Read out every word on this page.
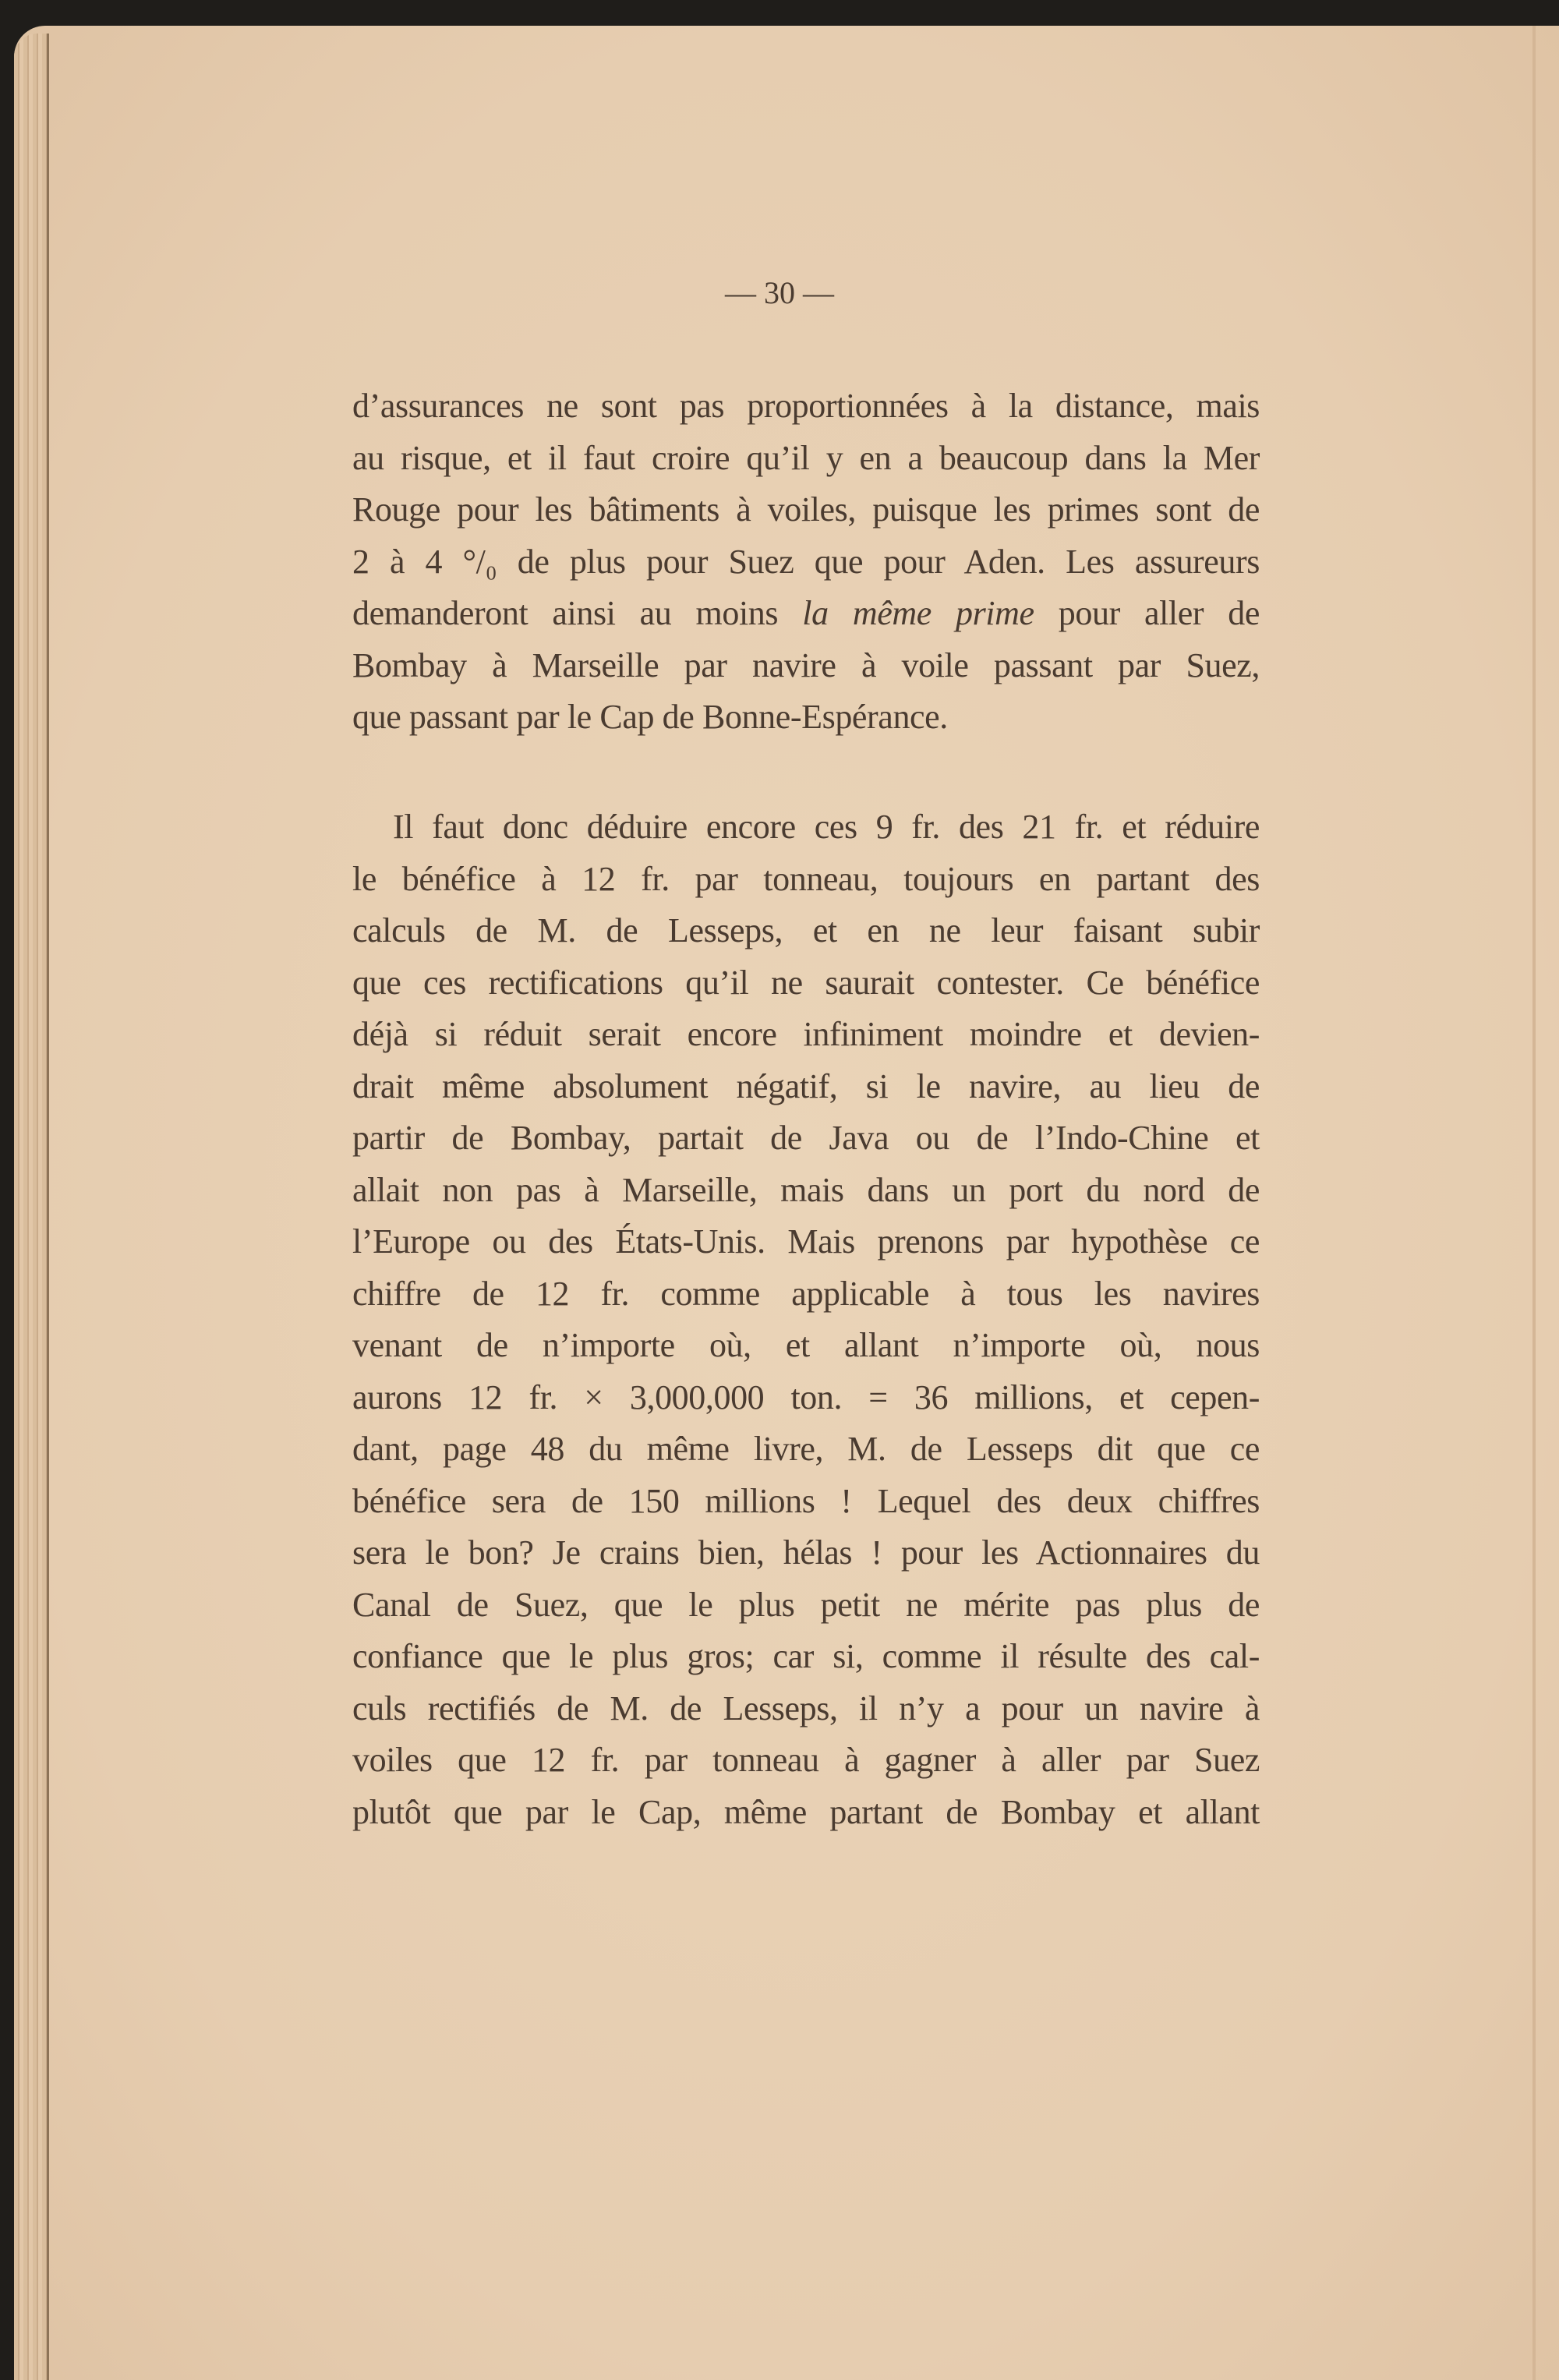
— 30 —
d’assurances ne sont pas proportionnées à la distance, mais
au risque, et il faut croire qu’il y en a beaucoup dans la Mer
Rouge pour les bâtiments à voiles, puisque les primes sont de
2 à 4 °/₀ de plus pour Suez que pour Aden. Les assureurs
demanderont ainsi au moins la même prime pour aller de
Bombay à Marseille par navire à voile passant par Suez,
que passant par le Cap de Bonne-Espérance.
Il faut donc déduire encore ces 9 fr. des 21 fr. et réduire
le bénéfice à 12 fr. par tonneau, toujours en partant des
calculs de M. de Lesseps, et en ne leur faisant subir
que ces rectifications qu’il ne saurait contester. Ce bénéfice
déjà si réduit serait encore infiniment moindre et devien-
drait même absolument négatif, si le navire, au lieu de
partir de Bombay, partait de Java ou de l’Indo-Chine et
allait non pas à Marseille, mais dans un port du nord de
l’Europe ou des États-Unis. Mais prenons par hypothèse ce
chiffre de 12 fr. comme applicable à tous les navires
venant de n’importe où, et allant n’importe où, nous
aurons 12 fr. × 3,000,000 ton. = 36 millions, et cepen-
dant, page 48 du même livre, M. de Lesseps dit que ce
bénéfice sera de 150 millions ! Lequel des deux chiffres
sera le bon? Je crains bien, hélas ! pour les Actionnaires du
Canal de Suez, que le plus petit ne mérite pas plus de
confiance que le plus gros; car si, comme il résulte des cal-
culs rectifiés de M. de Lesseps, il n’y a pour un navire à
voiles que 12 fr. par tonneau à gagner à aller par Suez
plutôt que par le Cap, même partant de Bombay et allant
